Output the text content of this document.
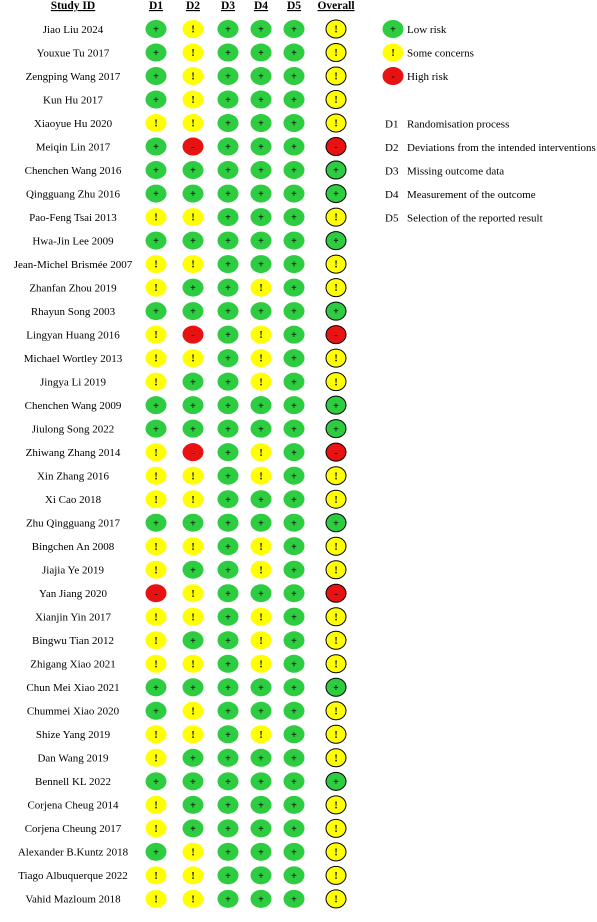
Study ID	D1 D2 D3 D4 D5 Overall
Jiao Liu 2024	+	!	+	+	+	!
Youxue Tu 2017	+	!	+	+	+	!
Zengping Wang 2017	+	!	+	+	+	!
Kun Hu 2017	+	!	+	+	+	!
Xiaoyue Hu 2020	!	!	+	+	+	!
Meiqin Lin 2017	+	-	+	+	+	-
Chenchen Wang 2016	+	+	+	+	+	+
Qingguang Zhu 2016	+	+	+	+	+	+
Pao-Feng Tsai 2013	!	!	+	+	+	!
Hwa-Jin Lee 2009	+	+	+	+	+	+
Jean-Michel Brismée 2007 !	!	+	+	+	!
Zhanfan Zhou 2019	!	+	+	!	+	!
Rhayun Song 2003	+	+	+	+	+	+
Lingyan Huang 2016	!	-	+	!	+	-
Michael Wortley 2013	!	!	+	!	+	!
Jingya Li 2019	!	+	+	!	+	!
Chenchen Wang 2009	+	+	+	+	+	+
Jiulong Song 2022	+	+	+	+	+	+
Zhiwang Zhang 2014	!	-	+	!	+	-
Xin Zhang 2016	!	!	+	!	+	!
Xi Cao 2018	!	!	+	+	+	!
Zhu Qingguang 2017	+	+	+	+	+	+
Bingchen An 2008	!	!	+	!	+	!
Jiajia Ye 2019	!	+	+	!	+	!
Yan Jiang 2020	-	!	+	+	+	-
Xianjin Yin 2017	!	!	+	!	+	!
Bingwu Tian 2012	!	+	+	!	+	!
Zhigang Xiao 2021	!	!	+	!	+	!
Chun Mei Xiao 2021	+	+	+	+	+	+
Chummei Xiao 2020	+	!	+	+	+	!
Shize Yang 2019	!	!	+	!	+	!
Dan Wang 2019	!	+	+	+	+	!
Bennell KL 2022	+	+	+	+	+	+
Corjena Cheug 2014	!	+	+	+	+	!
Corjena Cheung 2017	!	+	+	+	+	!
Alexander B.Kuntz 2018	+	!	+	+	+	!
Tiago Albuquerque 2022	!	!	+	+	+	!
Vahid Mazloum 2018	!	!	+	+	+	!
+ Low risk
! Some concerns
- High risk
D1 Randomisation process
D2 Deviations from the intended interventions
D3 Missing outcome data
D4 Measurement of the outcome
D5 Selection of the reported result
